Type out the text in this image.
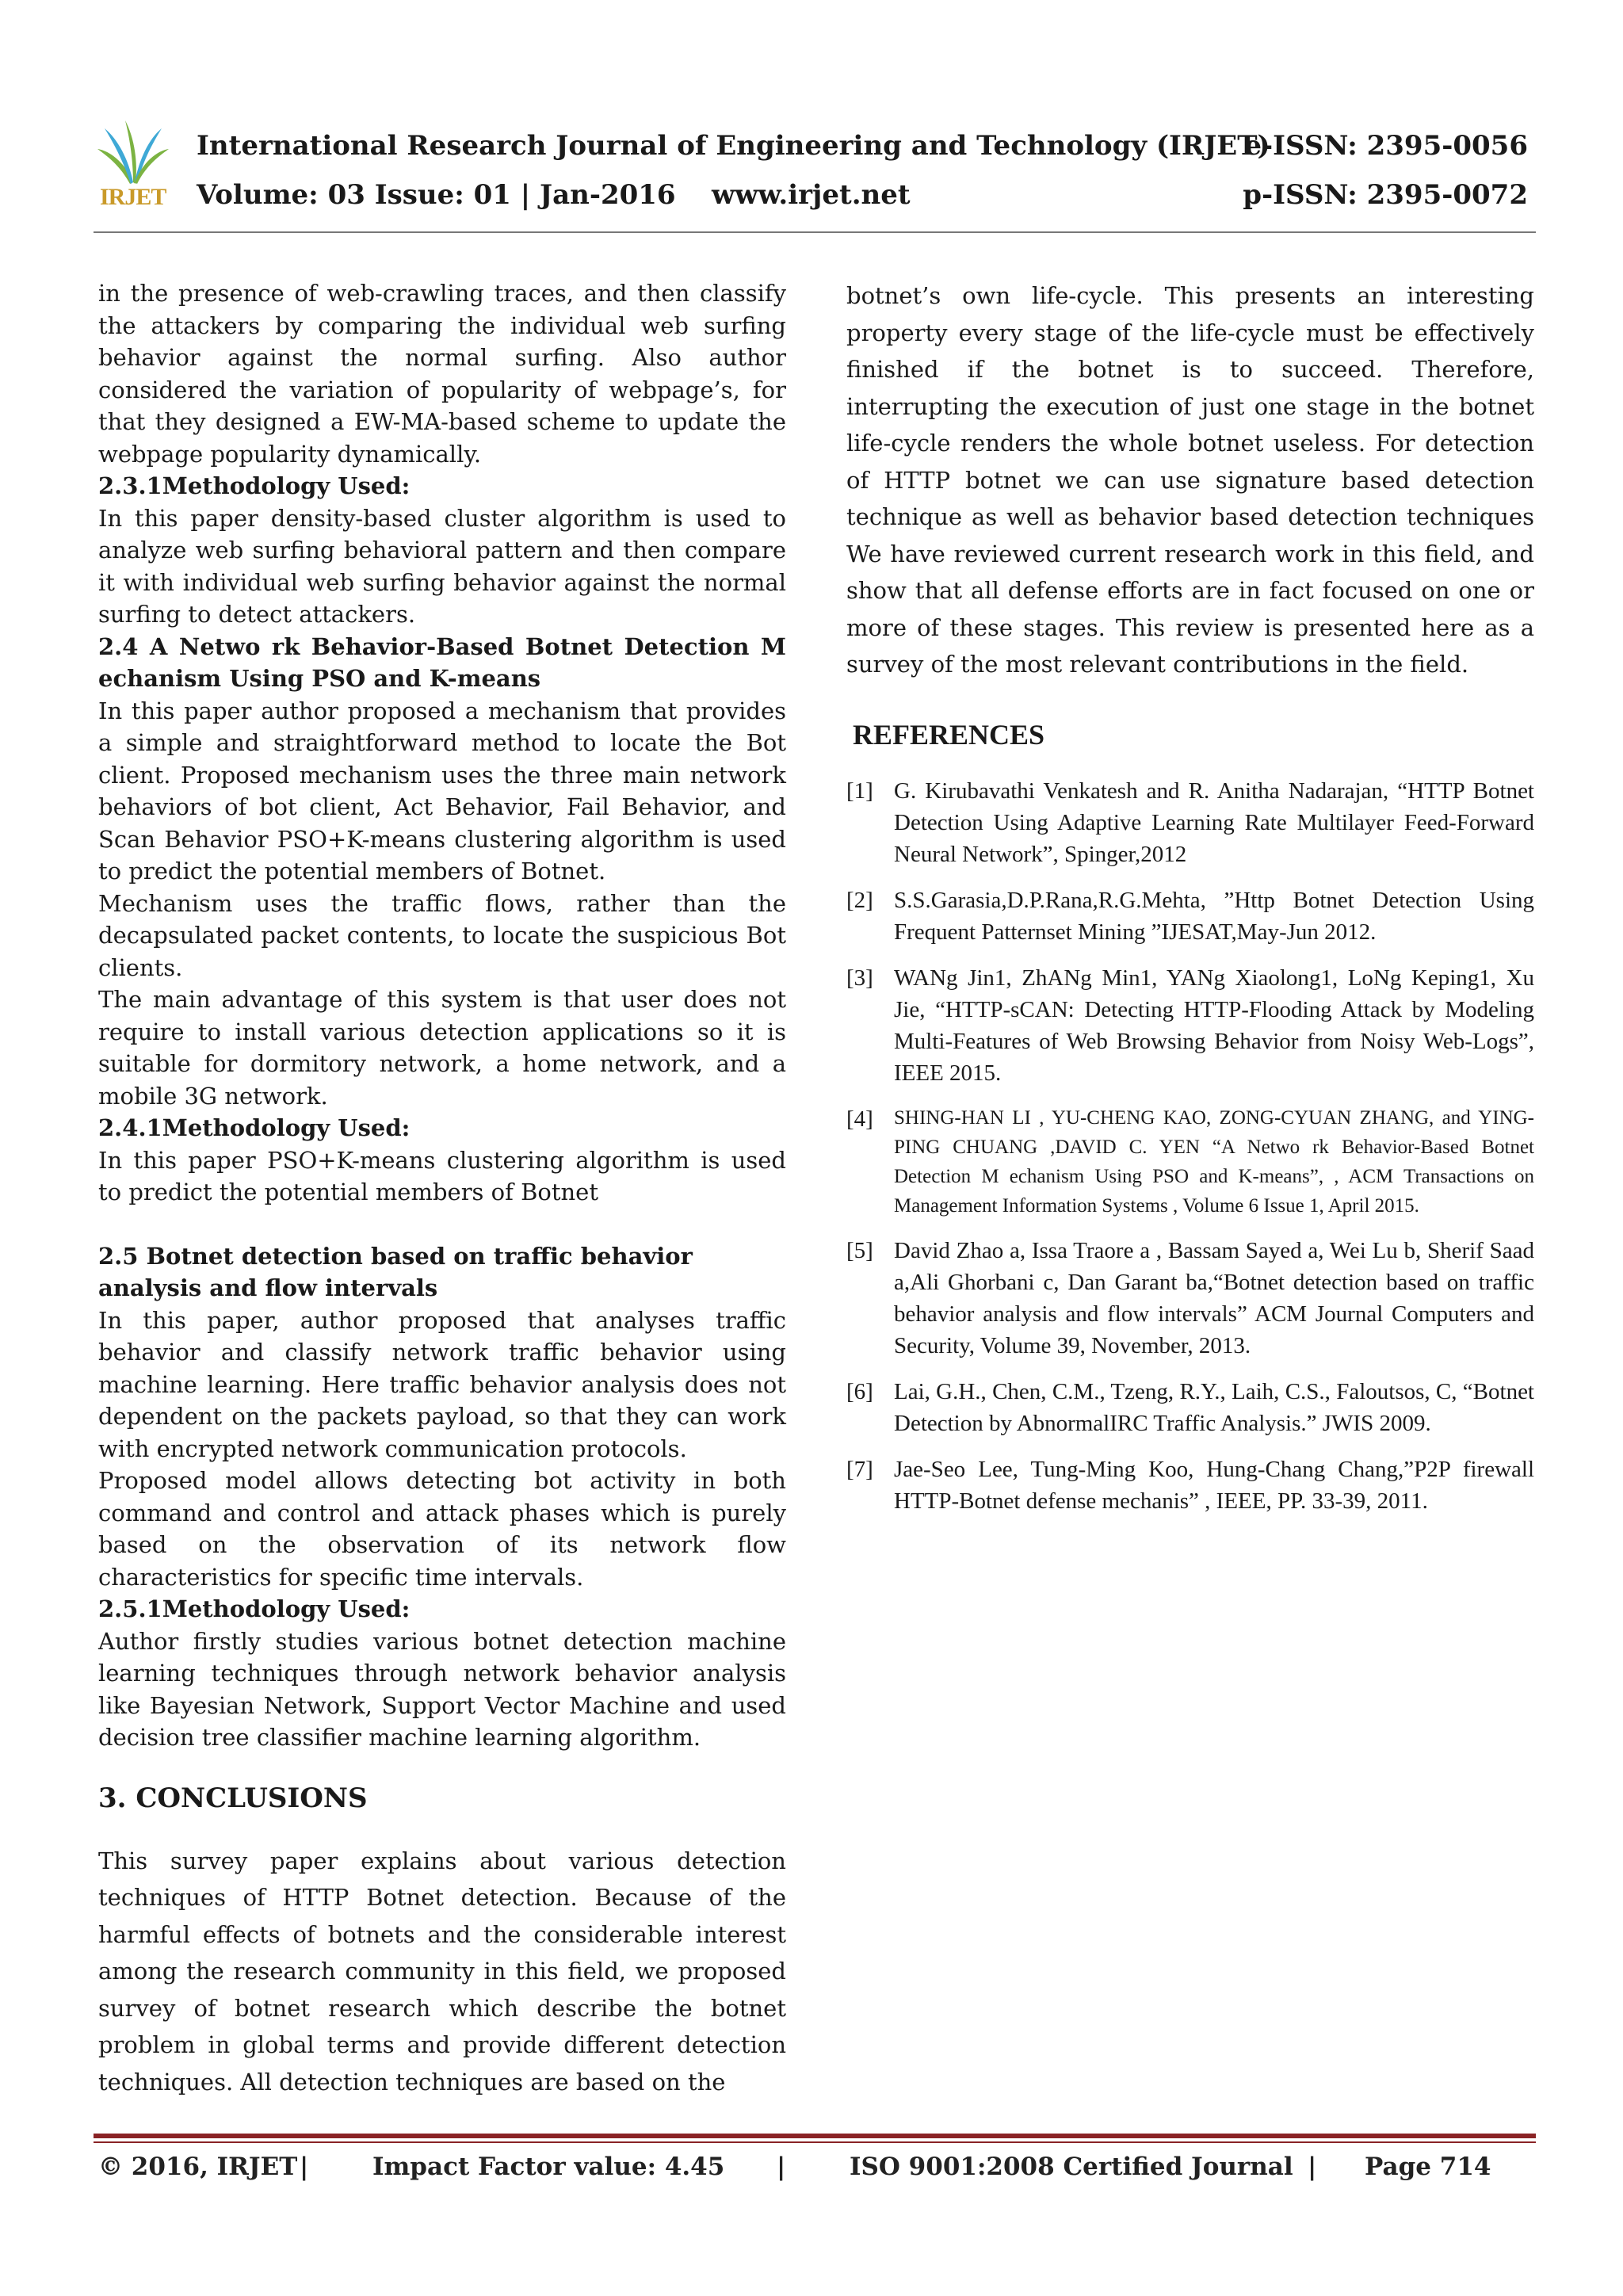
IRJET
International Research Journal of Engineering and Technology (IRJET)
e-ISSN: 2395-0056
Volume: 03 Issue: 01 | Jan-2016 www.irjet.net	p-ISSN: 2395-0072

in the presence of web-crawling traces, and then classify the attackers by comparing the individual web surfing behavior against the normal surfing. Also author considered the variation of popularity of webpage’s, for that they designed a EW-MA-based scheme to update the webpage popularity dynamically.

2.3.1Methodology Used:

In this paper density-based cluster algorithm is used to analyze web surfing behavioral pattern and then compare it with individual web surfing behavior against the normal surfing to detect attackers.

2.4 A Netwo rk Behavior-Based Botnet Detection M echanism Using PSO and K-means

In this paper author proposed a mechanism that provides a simple and straightforward method to locate the Bot client. Proposed mechanism uses the three main network behaviors of bot client, Act Behavior, Fail Behavior, and Scan Behavior PSO+K-means clustering algorithm is used to predict the potential members of Botnet.

Mechanism uses the traffic flows, rather than the decapsulated packet contents, to locate the suspicious Bot clients.

The main advantage of this system is that user does not require to install various detection applications so it is suitable for dormitory network, a home network, and a mobile 3G network.

2.4.1Methodology Used:

In this paper PSO+K-means clustering algorithm is used to predict the potential members of Botnet

2.5 Botnet detection based on traffic behavior analysis and flow intervals

In this paper, author proposed that analyses traffic behavior and classify network traffic behavior using machine learning. Here traffic behavior analysis does not dependent on the packets payload, so that they can work with encrypted network communication protocols.

Proposed model allows detecting bot activity in both command and control and attack phases which is purely based on the observation of its network flow characteristics for specific time intervals.

2.5.1Methodology Used:

Author firstly studies various botnet detection machine learning techniques through network behavior analysis like Bayesian Network, Support Vector Machine and used decision tree classifier machine learning algorithm.

3. CONCLUSIONS

This survey paper explains about various detection techniques of HTTP Botnet detection. Because of the harmful effects of botnets and the considerable interest among the research community in this field, we proposed survey of botnet research which describe the botnet problem in global terms and provide different detection techniques. All detection techniques are based on the

botnet’s own life-cycle. This presents an interesting property every stage of the life-cycle must be effectively finished if the botnet is to succeed. Therefore, interrupting the execution of just one stage in the botnet life-cycle renders the whole botnet useless. For detection of HTTP botnet we can use signature based detection technique as well as behavior based detection techniques We have reviewed current research work in this field, and show that all defense efforts are in fact focused on one or more of these stages. This review is presented here as a survey of the most relevant contributions in the field.

REFERENCES
[1] G. Kirubavathi Venkatesh and R. Anitha Nadarajan, “HTTP Botnet Detection Using Adaptive Learning Rate Multilayer Feed-Forward Neural Network”, Spinger,2012
[2] S.S.Garasia,D.P.Rana,R.G.Mehta, ”Http Botnet Detection Using Frequent Patternset Mining ”IJESAT,May-Jun 2012.
[3] WANg Jin1, ZhANg Min1, YANg Xiaolong1, LoNg Keping1, Xu Jie, “HTTP-sCAN: Detecting HTTP-Flooding Attack by Modeling Multi-Features of Web Browsing Behavior from Noisy Web-Logs”, IEEE 2015.
[4]	SHING-HAN LI , YU-CHENG KAO, ZONG-CYUAN ZHANG, and YING-PING CHUANG ,DAVID C. YEN “A Netwo rk Behavior-Based Botnet Detection M echanism Using PSO and K-means”, , ACM Transactions on Management Information Systems , Volume 6 Issue 1, April 2015.
[5] David Zhao a, Issa Traore a , Bassam Sayed a, Wei Lu b, Sherif Saad a,Ali Ghorbani c, Dan Garant ba,“Botnet detection based on traffic behavior analysis and flow intervals” ACM Journal Computers and Security, Volume 39, November, 2013.
[6] Lai, G.H., Chen, C.M., Tzeng, R.Y., Laih, C.S., Faloutsos, C, “Botnet Detection by AbnormalIRC Traffic Analysis.” JWIS 2009.
[7] Jae-Seo Lee, Tung-Ming Koo, Hung-Chang Chang,”P2P firewall HTTP-Botnet defense mechanis” , IEEE, PP. 33-39, 2011.
© 2016, IRJET |	Impact Factor value: 4.45 |	ISO 9001:2008 Certified Journal | Page 714
